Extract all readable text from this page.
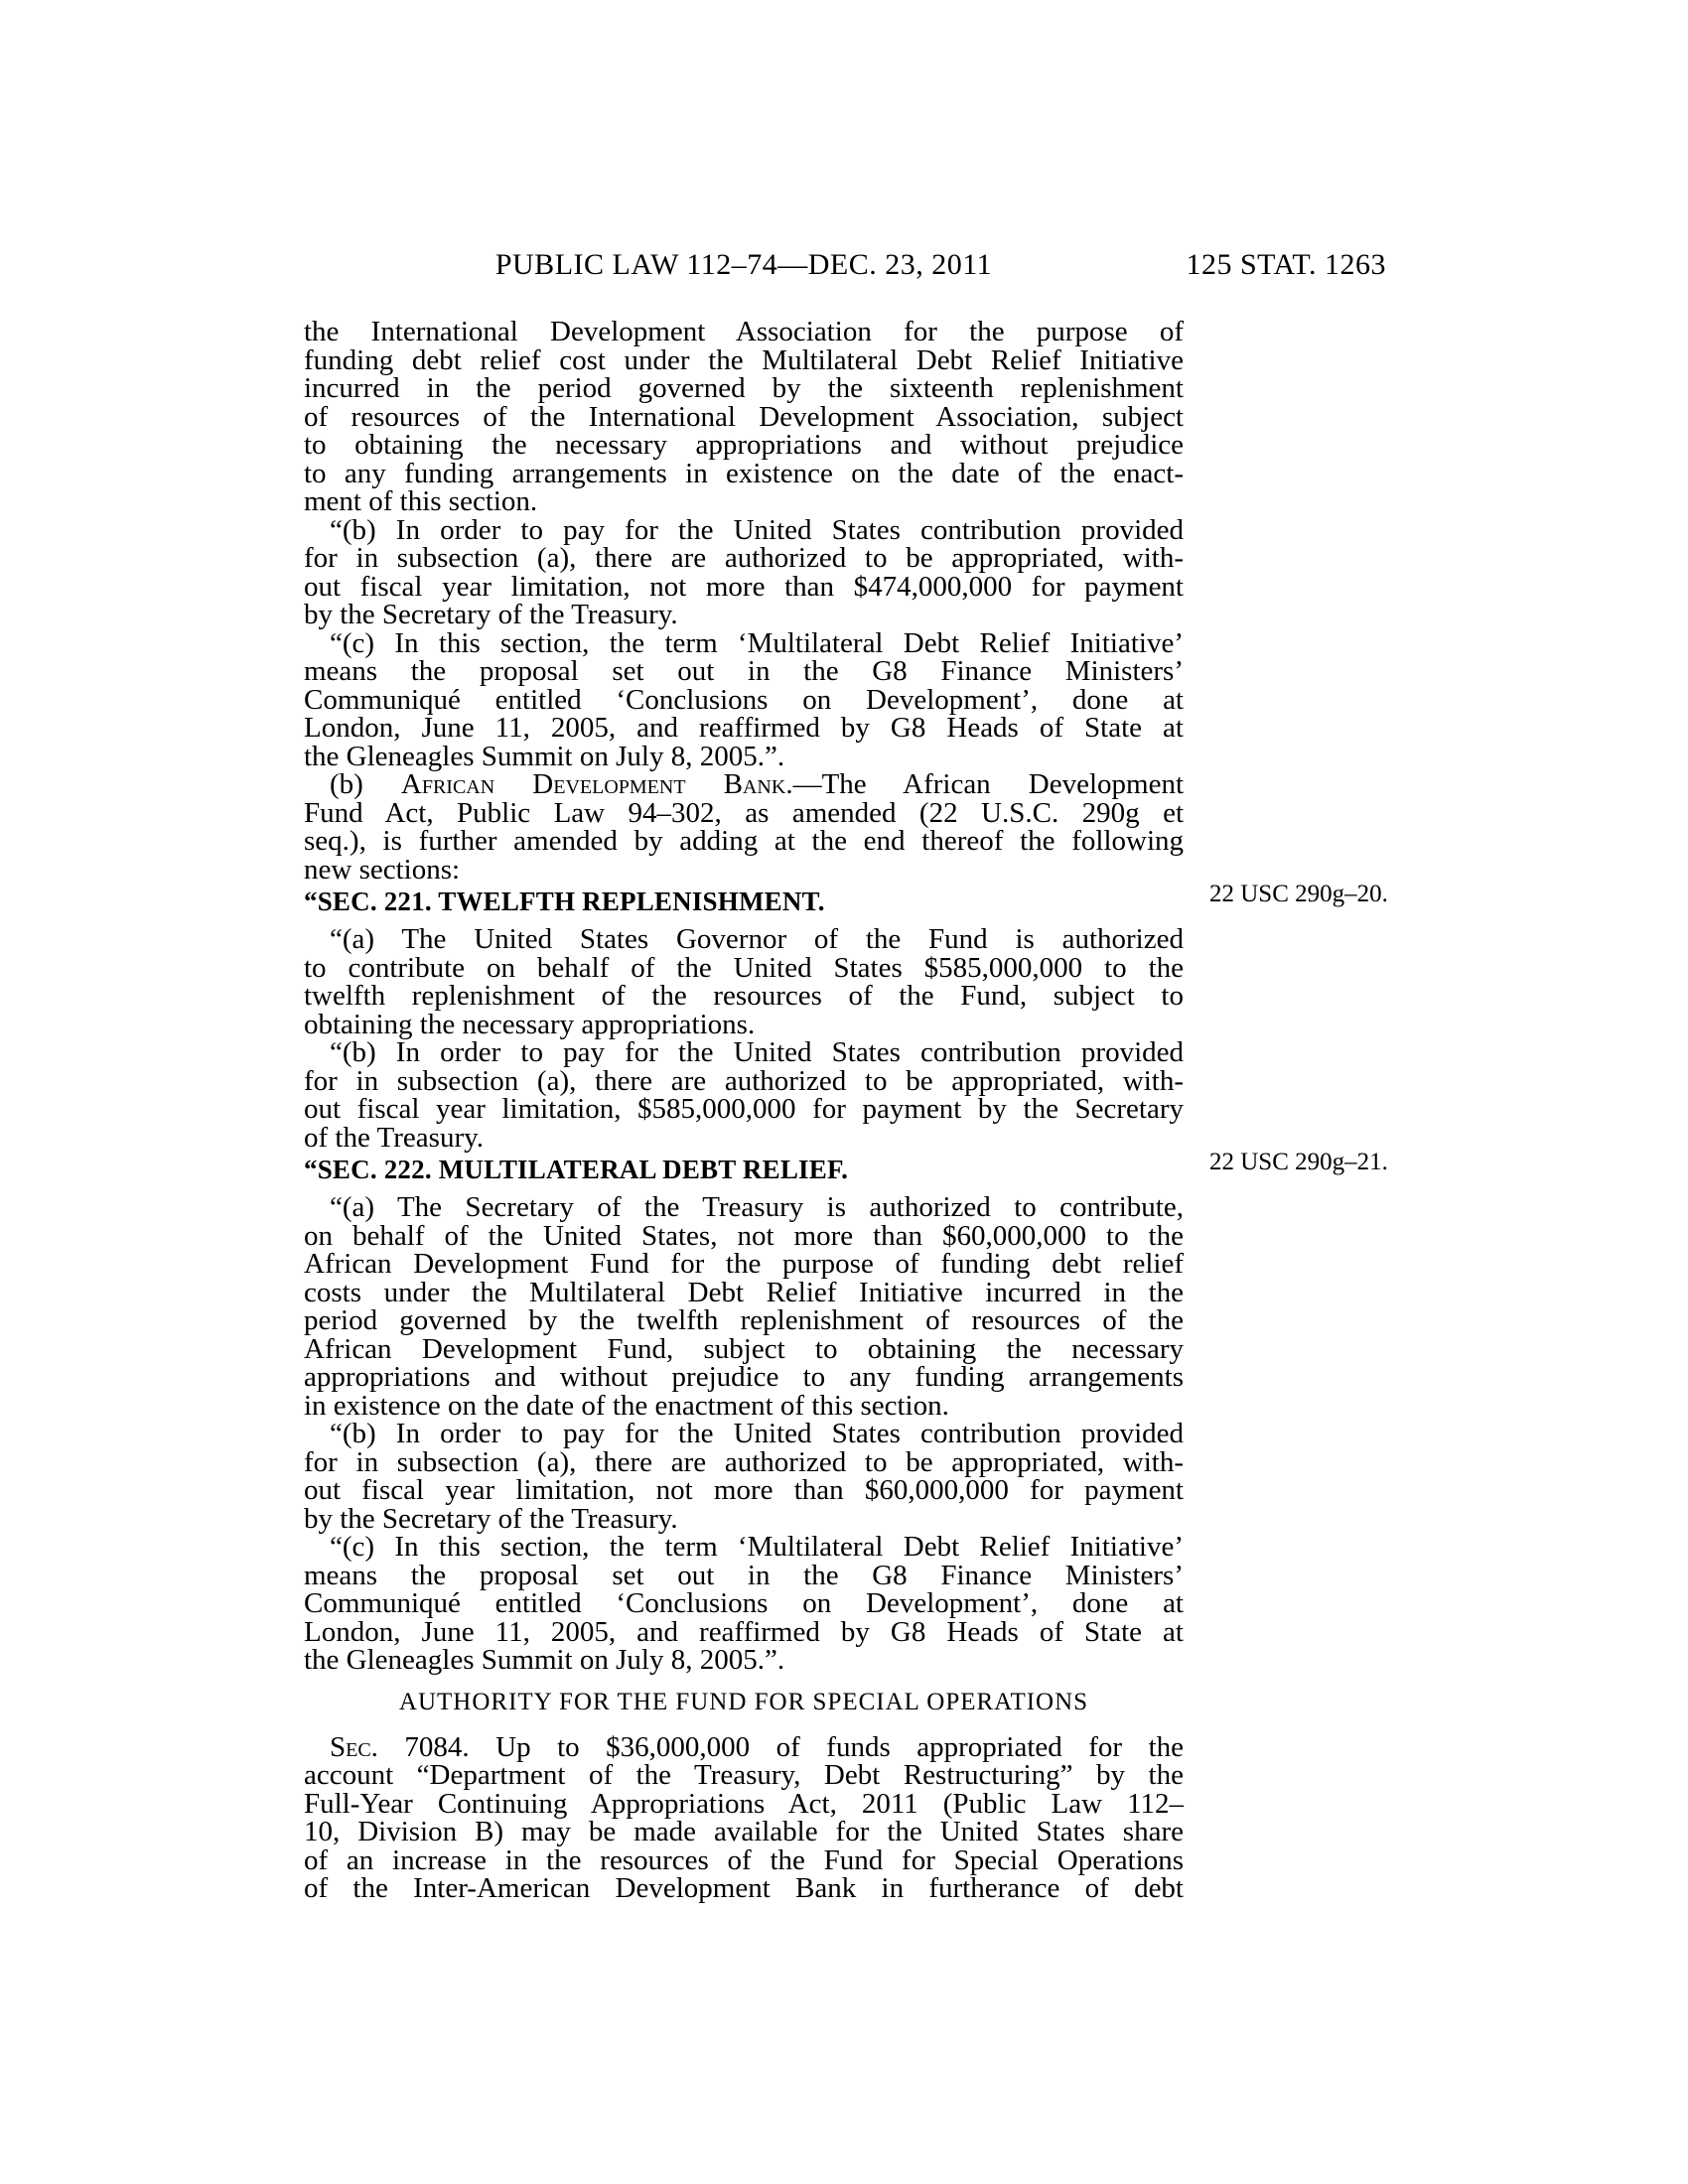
PUBLIC LAW 112–74—DEC. 23, 2011	125 STAT. 1263
22 USC 290g–20.
22 USC 290g–21.
the International Development Association for the purpose of
funding debt relief cost under the Multilateral Debt Relief Initiative
incurred in the period governed by the sixteenth replenishment
of resources of the International Development Association, subject
to obtaining the necessary appropriations and without prejudice
to any funding arrangements in existence on the date of the enact-
ment of this section.
“(b) In order to pay for the United States contribution provided
for in subsection (a), there are authorized to be appropriated, with-
out fiscal year limitation, not more than $474,000,000 for payment
by the Secretary of the Treasury.
“(c) In this section, the term ‘Multilateral Debt Relief Initiative’
means the proposal set out in the G8 Finance Ministers’
Communiqué entitled ‘Conclusions on Development’, done at
London, June 11, 2005, and reaffirmed by G8 Heads of State at
the Gleneagles Summit on July 8, 2005.”.
(b) African Development Bank.—The African Development
Fund Act, Public Law 94–302, as amended (22 U.S.C. 290g et
seq.), is further amended by adding at the end thereof the following
new sections:
“SEC. 221. TWELFTH REPLENISHMENT.
“(a) The United States Governor of the Fund is authorized
to contribute on behalf of the United States $585,000,000 to the
twelfth replenishment of the resources of the Fund, subject to
obtaining the necessary appropriations.
“(b) In order to pay for the United States contribution provided
for in subsection (a), there are authorized to be appropriated, with-
out fiscal year limitation, $585,000,000 for payment by the Secretary
of the Treasury.
“SEC. 222. MULTILATERAL DEBT RELIEF.
“(a) The Secretary of the Treasury is authorized to contribute,
on behalf of the United States, not more than $60,000,000 to the
African Development Fund for the purpose of funding debt relief
costs under the Multilateral Debt Relief Initiative incurred in the
period governed by the twelfth replenishment of resources of the
African Development Fund, subject to obtaining the necessary
appropriations and without prejudice to any funding arrangements
in existence on the date of the enactment of this section.
“(b) In order to pay for the United States contribution provided
for in subsection (a), there are authorized to be appropriated, with-
out fiscal year limitation, not more than $60,000,000 for payment
by the Secretary of the Treasury.
“(c) In this section, the term ‘Multilateral Debt Relief Initiative’
means the proposal set out in the G8 Finance Ministers’
Communiqué entitled ‘Conclusions on Development’, done at
London, June 11, 2005, and reaffirmed by G8 Heads of State at
the Gleneagles Summit on July 8, 2005.”.
AUTHORITY FOR THE FUND FOR SPECIAL OPERATIONS
Sec. 7084. Up to $36,000,000 of funds appropriated for the
account “Department of the Treasury, Debt Restructuring” by the
Full-Year Continuing Appropriations Act, 2011 (Public Law 112–
10, Division B) may be made available for the United States share
of an increase in the resources of the Fund for Special Operations
of the Inter-American Development Bank in furtherance of debt
